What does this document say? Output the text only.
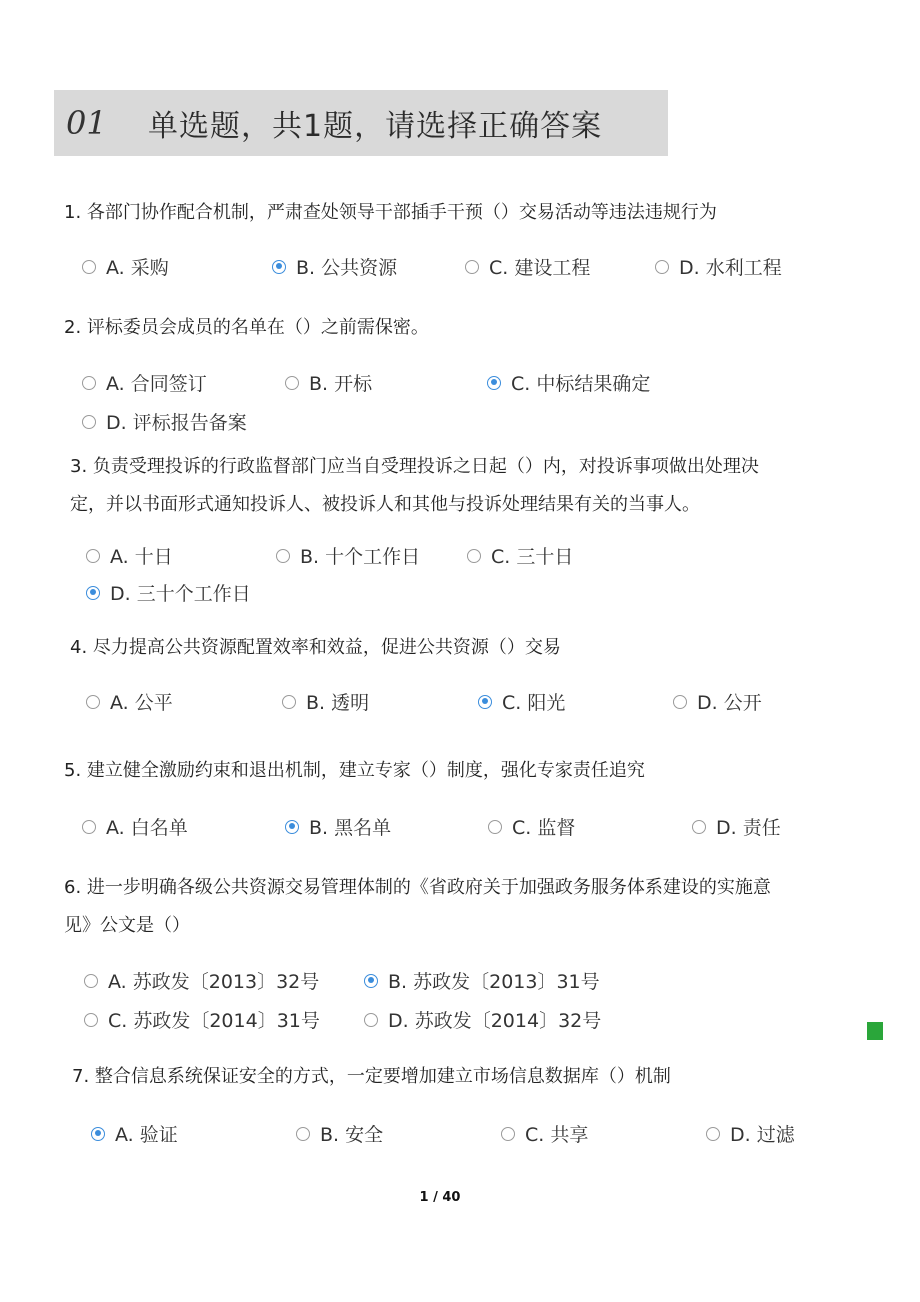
01	单选题，共1题，请选择正确答案
1. 各部门协作配合机制，严肃查处领导干部插手干预（）交易活动等违法违规行为
A. 采购	B. 公共资源	C. 建设工程	D. 水利工程
2. 评标委员会成员的名单在（）之前需保密。
A. 合同签订	B. 开标	C. 中标结果确定
D. 评标报告备案
3. 负责受理投诉的行政监督部门应当自受理投诉之日起（）内，对投诉事项做出处理决
定，并以书面形式通知投诉人、被投诉人和其他与投诉处理结果有关的当事人。
A. 十日	B. 十个工作日	C. 三十日
D. 三十个工作日
4. 尽力提高公共资源配置效率和效益，促进公共资源（）交易
A. 公平	B. 透明	C. 阳光	D. 公开
5. 建立健全激励约束和退出机制，建立专家（）制度，强化专家责任追究
A. 白名单	B. 黑名单	C. 监督	D. 责任
6. 进一步明确各级公共资源交易管理体制的《省政府关于加强政务服务体系建设的实施意
见》公文是（）
A. 苏政发〔2013〕32号	B. 苏政发〔2013〕31号
C. 苏政发〔2014〕31号	D. 苏政发〔2014〕32号
7. 整合信息系统保证安全的方式，一定要增加建立市场信息数据库（）机制
A. 验证	B. 安全	C. 共享	D. 过滤
1 / 40
